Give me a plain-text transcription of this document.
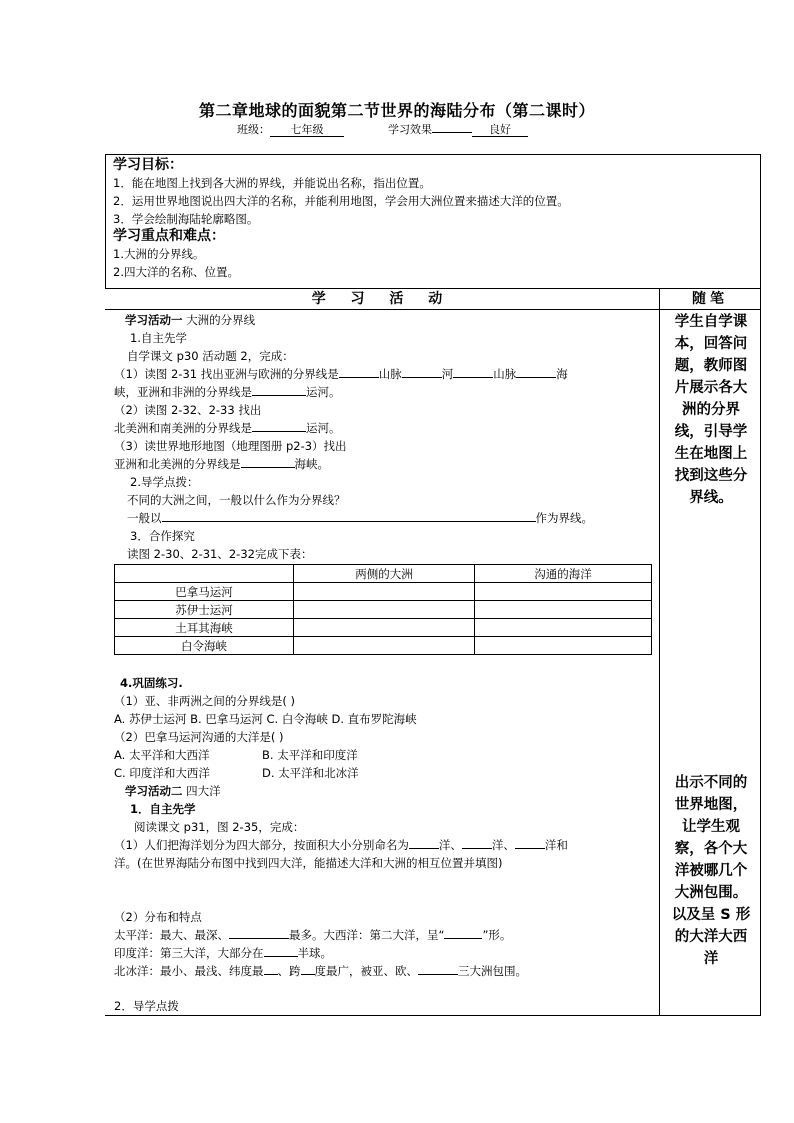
第二章地球的面貌第二节世界的海陆分布（第二课时）
班级： 七年级	学习效果	良好
学习目标：
1．能在地图上找到各大洲的界线，并能说出名称，指出位置。
2．运用世界地图说出四大洋的名称，并能利用地图，学会用大洲位置来描述大洋的位置。
3．学会绘制海陆轮廓略图。
学习重点和难点：
1.大洲的分界线。
2.四大洋的名称、位置。
学 习 活 动	随笔
学习活动一 大洲的分界线
1.自主先学
自学课文 p30 活动题 2，完成：
（1）读图 2-31 找出亚洲与欧洲的分界线是	山脉	河	山脉	海
峡，亚洲和非洲的分界线是	运河。
（2）读图 2-32、2-33 找出
北美洲和南美洲的分界线是	运河。
（3）读世界地形地图（地理图册 p2-3）找出
亚洲和北美洲的分界线是	海峡。
2.导学点拨：
不同的大洲之间，一般以什么作为分界线？
一般以	作为界线。
3．合作探究
读图 2-30、2-31、2-32完成下表：
	两侧的大洲	沟通的海洋
巴拿马运河		
苏伊士运河		
土耳其海峡		
白令海峡		
4.巩固练习.
（1）亚、非两洲之间的分界线是( )
A. 苏伊士运河 B. 巴拿马运河 C. 白令海峡 D. 直布罗陀海峡
（2）巴拿马运河沟通的大洋是( )
A. 太平洋和大西洋	B. 太平洋和印度洋
C. 印度洋和大西洋	D. 太平洋和北冰洋
学习活动二 四大洋
1．自主先学
阅读课文 p31，图 2-35，完成：
（1）人们把海洋划分为四大部分，按面积大小分别命名为	洋、	洋、	洋和
洋。(在世界海陆分布图中找到四大洋，能描述大洋和大洲的相互位置并填图)
（2）分布和特点
太平洋：最大、最深、	最多。大西洋：第二大洋，呈“	”形。
印度洋：第三大洋，大部分在	半球。
北冰洋：最小、最浅、纬度最 、跨 度最广，被亚、欧、	三大洲包围。
2．导学点拨
学生自学课
本，回答问
题，教师图
片展示各大
洲的分界
线，引导学
生在地图上
找到这些分
界线。
出示不同的
世界地图，
让学生观
察，各个大
洋被哪几个
大洲包围。
以及呈 S 形
的大洋大西
洋
